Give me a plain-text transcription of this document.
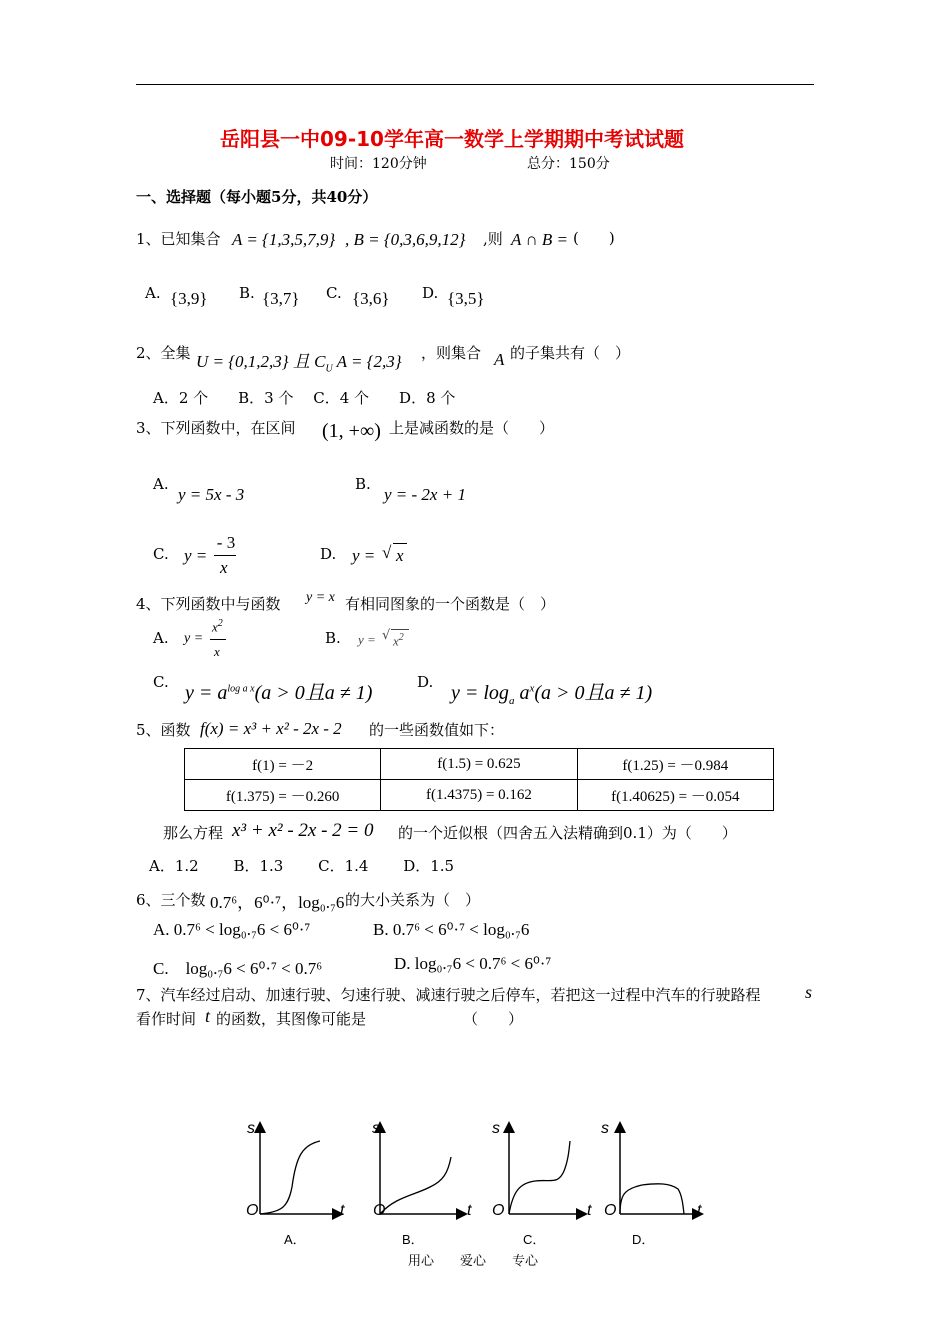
岳阳县一中09-10学年高一数学上学期期中考试试题
时间：120分钟	总分：150分
一、选择题（每小题5分，共40分）
1、已知集合 A = {1,3,5,7,9} , B = {0,3,6,9,12} ,则 A ∩ B = (　　)
A. {3,9} B. {3,7} C. {3,6} D. {3,5}
2、全集 U = {0,1,2,3} 且 $C_U$ A = {2,3} ，则集合 A 的子集共有（　）
A．2 个　　B．3 个　 C．4 个　　D．8 个
3、下列函数中，在区间 (1, +∞) 上是减函数的是（　　）
A.
y = 5x - 3
B.
y = - 2x + 1
C. y =
- 3
x
D. y = √ x
4、下列函数中与函数 y = x 有相同图象的一个函数是（　）
A. y =
$x^2$
x
B. y = √ $x^2$
C. $y = a^{log a x}(a > 0$且a ≠ 1)	D. $y = \log_a a^x(a > 0$且a ≠ 1)
5、函数 f(x) = x³ + x² - 2x - 2 的一些函数值如下：
f(1) = －2	f(1.5) = 0.625	f(1.25) = －0.984
f(1.375) = －0.260	f(1.4375) = 0.162	f(1.40625) = －0.054
那么方程 x³ + x² - 2x - 2 = 0 的一个近似根（四舍五入法精确到0.1）为（　　）
A．1.2　　 B．1.3　　 C．1.4　　 D．1.5
6、三个数 0.7⁶，6⁰·⁷，log₀.₇6 的大小关系为（　）
A. 0.7⁶ < log₀.₇6 < 6⁰·⁷	B. 0.7⁶ < 6⁰·⁷ < log₀.₇6
C.　log₀.₇6 < 6⁰·⁷ < 0.7⁶	D. log₀.₇6 < 0.7⁶ < 6⁰·⁷
7、汽车经过启动、加速行驶、匀速行驶、减速行驶之后停车，若把这一过程中汽车的行驶路程 s
看作时间 t 的函数，其图像可能是	（　　）
s
t
O
A．
s
t
O
B．
s
t
O
C．
s
t
O
D．
用心　　爱心　　专心
